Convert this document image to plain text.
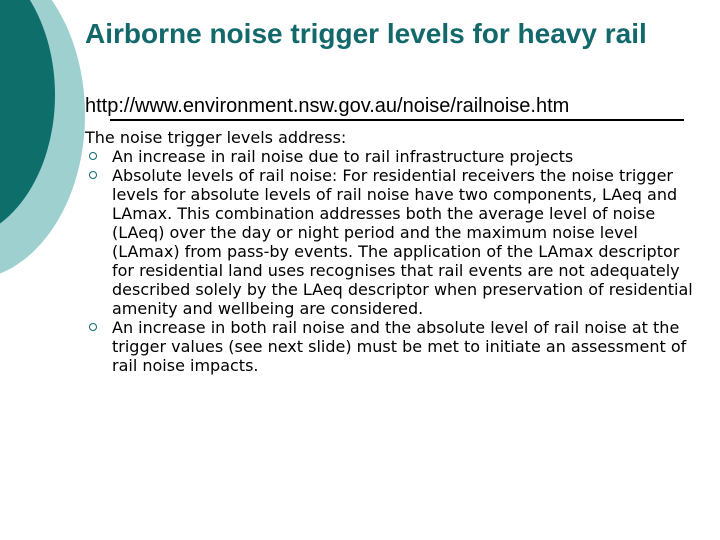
Airborne noise trigger levels for heavy rail
http://www.environment.nsw.gov.au/noise/railnoise.htm

The noise trigger levels address:

An increase in rail noise due to rail infrastructure projects
Absolute levels of rail noise: For residential receivers the noise trigger levels for absolute levels of rail noise have two components, LAeq and LAmax. This combination addresses both the average level of noise (LAeq) over the day or night period and the maximum noise level (LAmax) from pass-by events. The application of the LAmax descriptor for residential land uses recognises that rail events are not adequately described solely by the LAeq descriptor when preservation of residential amenity and wellbeing are considered.
An increase in both rail noise and the absolute level of rail noise at the trigger values (see next slide) must be met to initiate an assessment of rail noise impacts.
